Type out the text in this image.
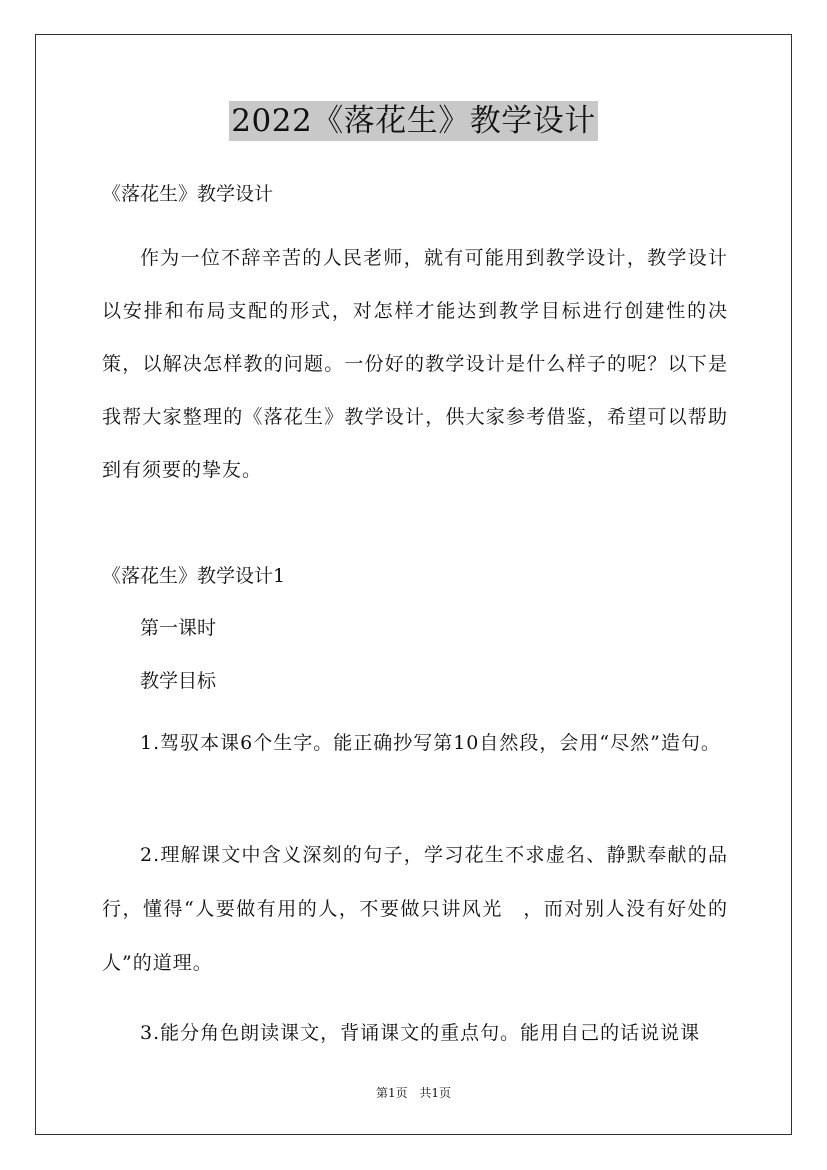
2022《落花生》教学设计

《落花生》教学设计

作为一位不辞辛苦的人民老师，就有可能用到教学设计，教学设计以安排和布局支配的形式，对怎样才能达到教学目标进行创建性的决策，以解决怎样教的问题。一份好的教学设计是什么样子的呢？以下是我帮大家整理的《落花生》教学设计，供大家参考借鉴，希望可以帮助到有须要的挚友。

《落花生》教学设计1

第一课时

教学目标

1.驾驭本课6个生字。能正确抄写第10自然段，会用“尽然”造句。

2.理解课文中含义深刻的句子，学习花生不求虚名、静默奉献的品行，懂得“人要做有用的人，不要做只讲风光　，而对别人没有好处的人”的道理。

3.能分角色朗读课文，背诵课文的重点句。能用自己的话说说课

第1页 共1页
